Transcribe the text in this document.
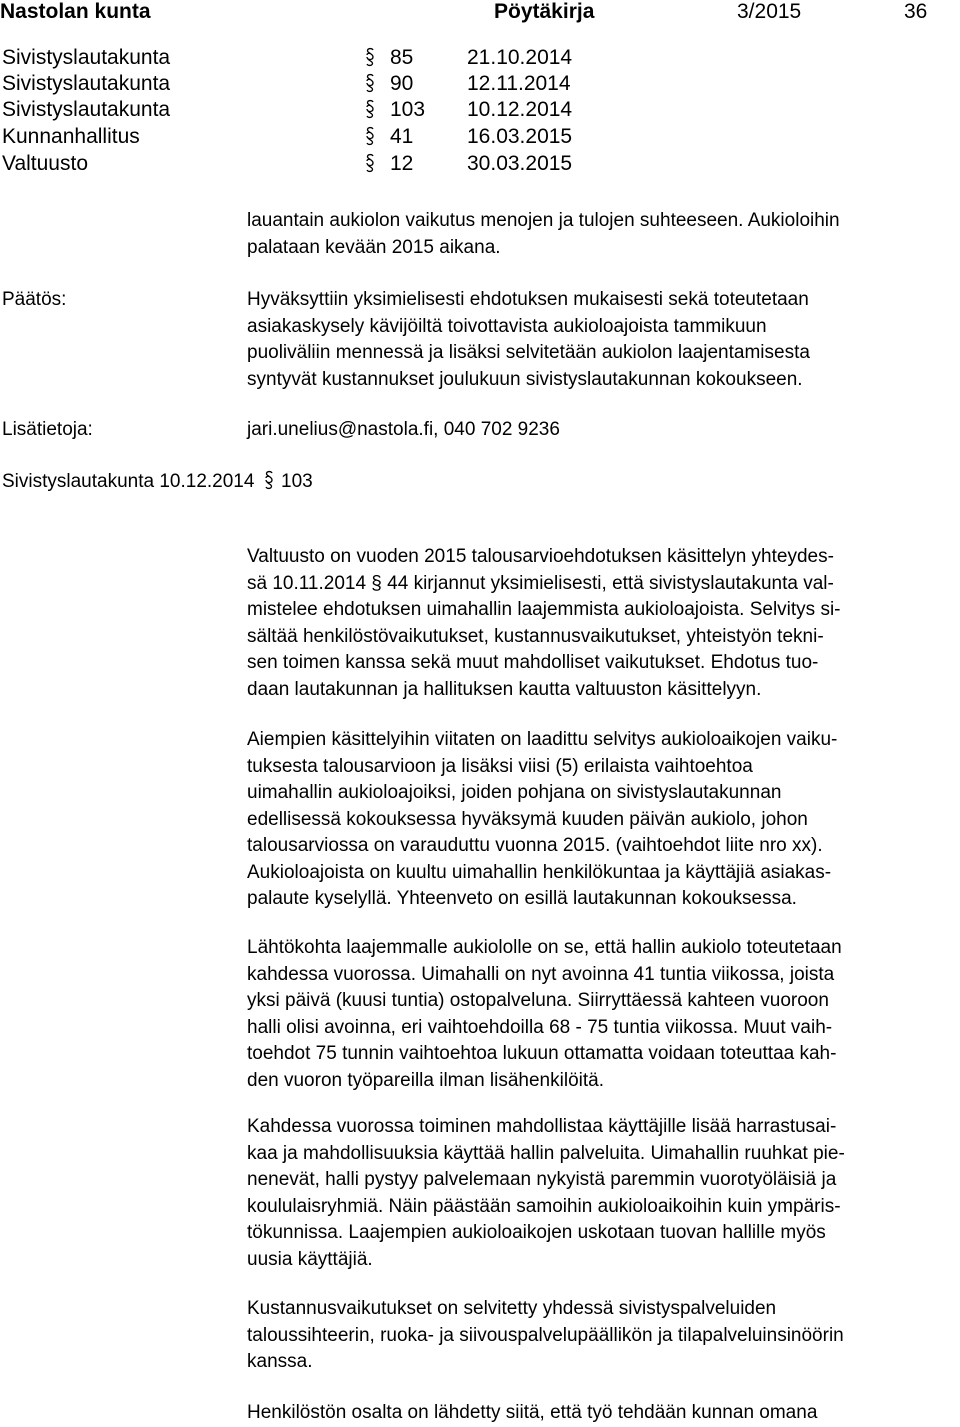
Nastolan kunta	Pöytäkirja	3/2015	36
Sivistyslautakunta	85	21.10.2014
Sivistyslautakunta	90	12.11.2014
Sivistyslautakunta	103 10.12.2014
Kunnanhallitus	41	16.03.2015
Valtuusto	12	30.03.2015
lauantain aukiolon vaikutus menojen ja tulojen suhteeseen. Aukioloihin
palataan kevään 2015 aikana.
Päätös:	Hyväksyttiin yksimielisesti ehdotuksen mukaisesti sekä toteutetaan
asiakaskysely kävijöiltä toivottavista aukioloajoista tammikuun
puoliväliin mennessä ja lisäksi selvitetään aukiolon laajentamisesta
syntyvät kustannukset joulukuun sivistyslautakunnan kokoukseen.
Lisätietoja:	jari.unelius@nastola.fi, 040 702 9236
Sivistyslautakunta 10.12.2014 103
Valtuusto on vuoden 2015 talousarvioehdotuksen käsittelyn yhteydes-
sä 10.11.2014 § 44 kirjannut yksimielisesti, että sivistyslautakunta val-
mistelee ehdotuksen uimahallin laajemmista aukioloajoista. Selvitys si-
sältää henkilöstövaikutukset, kustannusvaikutukset, yhteistyön tekni-
sen toimen kanssa sekä muut mahdolliset vaikutukset. Ehdotus tuo-
daan lautakunnan ja hallituksen kautta valtuuston käsittelyyn.
Aiempien käsittelyihin viitaten on laadittu selvitys aukioloaikojen vaiku-
tuksesta talousarvioon ja lisäksi viisi (5) erilaista vaihtoehtoa
uimahallin aukioloajoiksi, joiden pohjana on sivistyslautakunnan
edellisessä kokouksessa hyväksymä kuuden päivän aukiolo, johon
talousarviossa on varauduttu vuonna 2015. (vaihtoehdot liite nro xx).
Aukioloajoista on kuultu uimahallin henkilökuntaa ja käyttäjiä asiakas-
palaute kyselyllä. Yhteenveto on esillä lautakunnan kokouksessa.
Lähtökohta laajemmalle aukiololle on se, että hallin aukiolo toteutetaan
kahdessa vuorossa. Uimahalli on nyt avoinna 41 tuntia viikossa, joista
yksi päivä (kuusi tuntia) ostopalveluna. Siirryttäessä kahteen vuoroon
halli olisi avoinna, eri vaihtoehdoilla 68 - 75 tuntia viikossa. Muut vaih-
toehdot 75 tunnin vaihtoehtoa lukuun ottamatta voidaan toteuttaa kah-
den vuoron työpareilla ilman lisähenkilöitä.
Kahdessa vuorossa toiminen mahdollistaa käyttäjille lisää harrastusai-
kaa ja mahdollisuuksia käyttää hallin palveluita. Uimahallin ruuhkat pie-
nenevät, halli pystyy palvelemaan nykyistä paremmin vuorotyöläisiä ja
koululaisryhmiä. Näin päästään samoihin aukioloaikoihin kuin ympäris-
tökunnissa. Laajempien aukioloaikojen uskotaan tuovan hallille myös
uusia käyttäjiä.
Kustannusvaikutukset on selvitetty yhdessä sivistyspalveluiden
taloussihteerin, ruoka- ja siivouspalvelupäällikön ja tilapalveluinsinöörin
kanssa.
Henkilöstön osalta on lähdetty siitä, että työ tehdään kunnan omana
